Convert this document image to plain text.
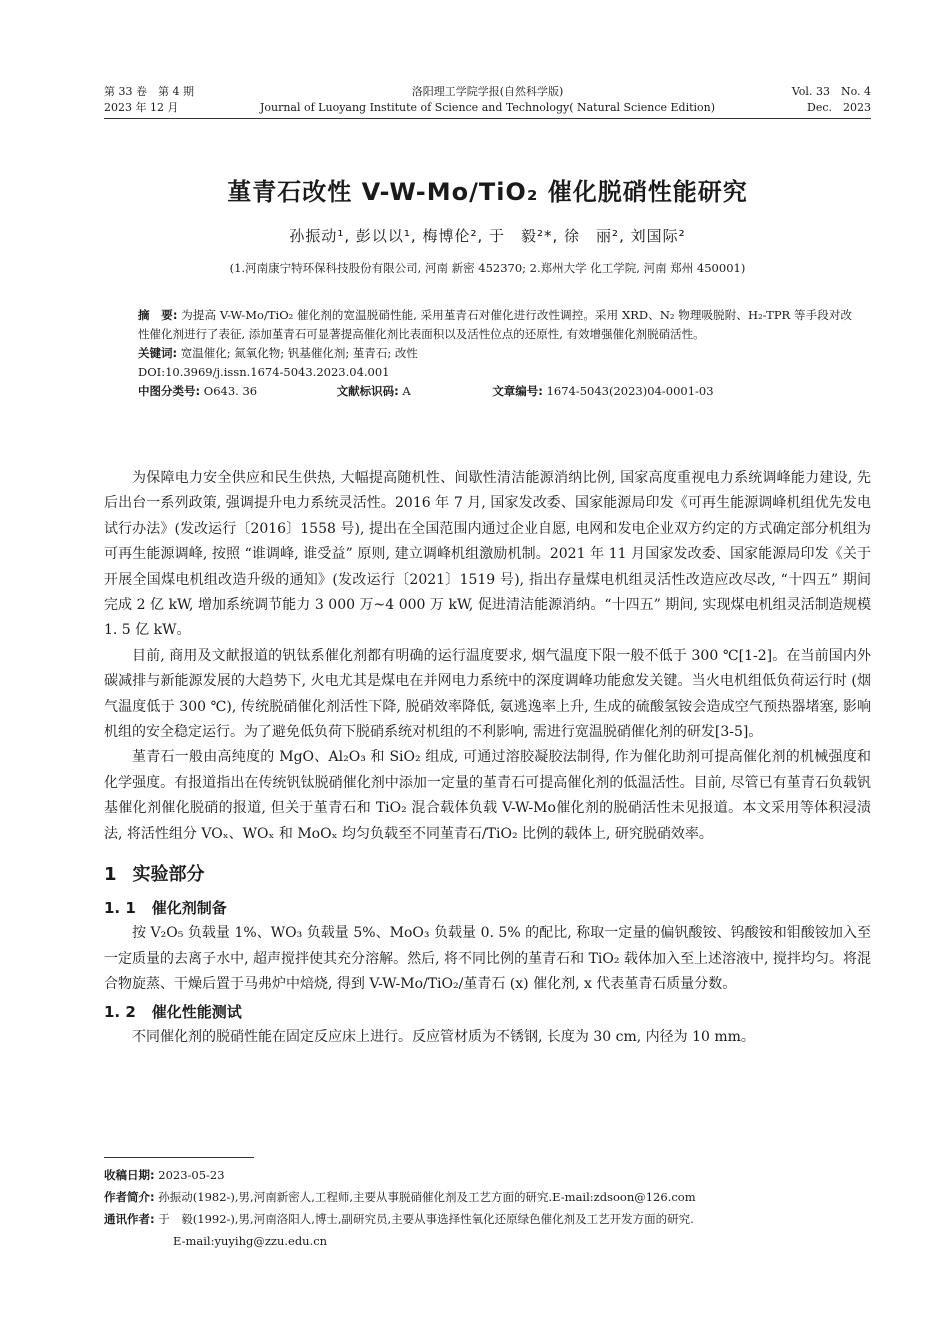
第 33 卷　第 4 期
2023 年 12 月
洛阳理工学院学报(自然科学版)
Journal of Luoyang Institute of Science and Technology( Natural Science Edition)
Vol. 33　No. 4
Dec.　2023
堇青石改性 V-W-Mo/TiO₂ 催化脱硝性能研究
孙振动¹, 彭以以¹, 梅博伦², 于　毅²*, 徐　丽², 刘国际²
(1.河南康宁特环保科技股份有限公司, 河南 新密 452370; 2.郑州大学 化工学院, 河南 郑州 450001)
摘　要: 为提高 V-W-Mo/TiO₂ 催化剂的宽温脱硝性能, 采用堇青石对催化进行改性调控。采用 XRD、N₂ 物理吸脱附、H₂-TPR 等手段对改性催化剂进行了表征, 添加堇青石可显著提高催化剂比表面积以及活性位点的还原性, 有效增强催化剂脱硝活性。
关键词: 宽温催化; 氮氧化物; 钒基催化剂; 堇青石; 改性
DOI:10.3969/j.issn.1674-5043.2023.04.001
中图分类号: O643. 36	文献标识码: A	文章编号: 1674-5043(2023)04-0001-03

为保障电力安全供应和民生供热, 大幅提高随机性、间歇性清洁能源消纳比例, 国家高度重视电力系统调峰能力建设, 先后出台一系列政策, 强调提升电力系统灵活性。2016 年 7 月, 国家发改委、国家能源局印发《可再生能源调峰机组优先发电试行办法》(发改运行〔2016〕1558 号), 提出在全国范围内通过企业自愿, 电网和发电企业双方约定的方式确定部分机组为可再生能源调峰, 按照 “谁调峰, 谁受益” 原则, 建立调峰机组激励机制。2021 年 11 月国家发改委、国家能源局印发《关于开展全国煤电机组改造升级的通知》(发改运行〔2021〕1519 号), 指出存量煤电机组灵活性改造应改尽改, “十四五” 期间完成 2 亿 kW, 增加系统调节能力 3 000 万~4 000 万 kW, 促进清洁能源消纳。“十四五” 期间, 实现煤电机组灵活制造规模 1. 5 亿 kW。

目前, 商用及文献报道的钒钛系催化剂都有明确的运行温度要求, 烟气温度下限一般不低于 300 ℃[1-2]。在当前国内外碳减排与新能源发展的大趋势下, 火电尤其是煤电在并网电力系统中的深度调峰功能愈发关键。当火电机组低负荷运行时 (烟气温度低于 300 ℃), 传统脱硝催化剂活性下降, 脱硝效率降低, 氨逃逸率上升, 生成的硫酸氢铵会造成空气预热器堵塞, 影响机组的安全稳定运行。为了避免低负荷下脱硝系统对机组的不利影响, 需进行宽温脱硝催化剂的研发[3-5]。

堇青石一般由高纯度的 MgO、Al₂O₃ 和 SiO₂ 组成, 可通过溶胶凝胶法制得, 作为催化助剂可提高催化剂的机械强度和化学强度。有报道指出在传统钒钛脱硝催化剂中添加一定量的堇青石可提高催化剂的低温活性。目前, 尽管已有堇青石负载钒基催化剂催化脱硝的报道, 但关于堇青石和 TiO₂ 混合载体负载 V-W-Mo催化剂的脱硝活性未见报道。本文采用等体积浸渍法, 将活性组分 VOₓ、WOₓ 和 MoOₓ 均匀负载至不同堇青石/TiO₂ 比例的载体上, 研究脱硝效率。

1 实验部分
1. 1 催化剂制备

按 V₂O₅ 负载量 1%、WO₃ 负载量 5%、MoO₃ 负载量 0. 5% 的配比, 称取一定量的偏钒酸铵、钨酸铵和钼酸铵加入至一定质量的去离子水中, 超声搅拌使其充分溶解。然后, 将不同比例的堇青石和 TiO₂ 载体加入至上述溶液中, 搅拌均匀。将混合物旋蒸、干燥后置于马弗炉中焙烧, 得到 V-W-Mo/TiO₂/堇青石 (x) 催化剂, x 代表堇青石质量分数。

1. 2 催化性能测试

不同催化剂的脱硝性能在固定反应床上进行。反应管材质为不锈钢, 长度为 30 cm, 内径为 10 mm。

收稿日期: 2023-05-23
作者简介: 孙振动(1982-),男,河南新密人,工程师,主要从事脱硝催化剂及工艺方面的研究.E-mail:zdsoon@126.com
通讯作者: 于　毅(1992-),男,河南洛阳人,博士,副研究员,主要从事选择性氧化还原绿色催化剂及工艺开发方面的研究.
E-mail:yuyihg@zzu.edu.cn
